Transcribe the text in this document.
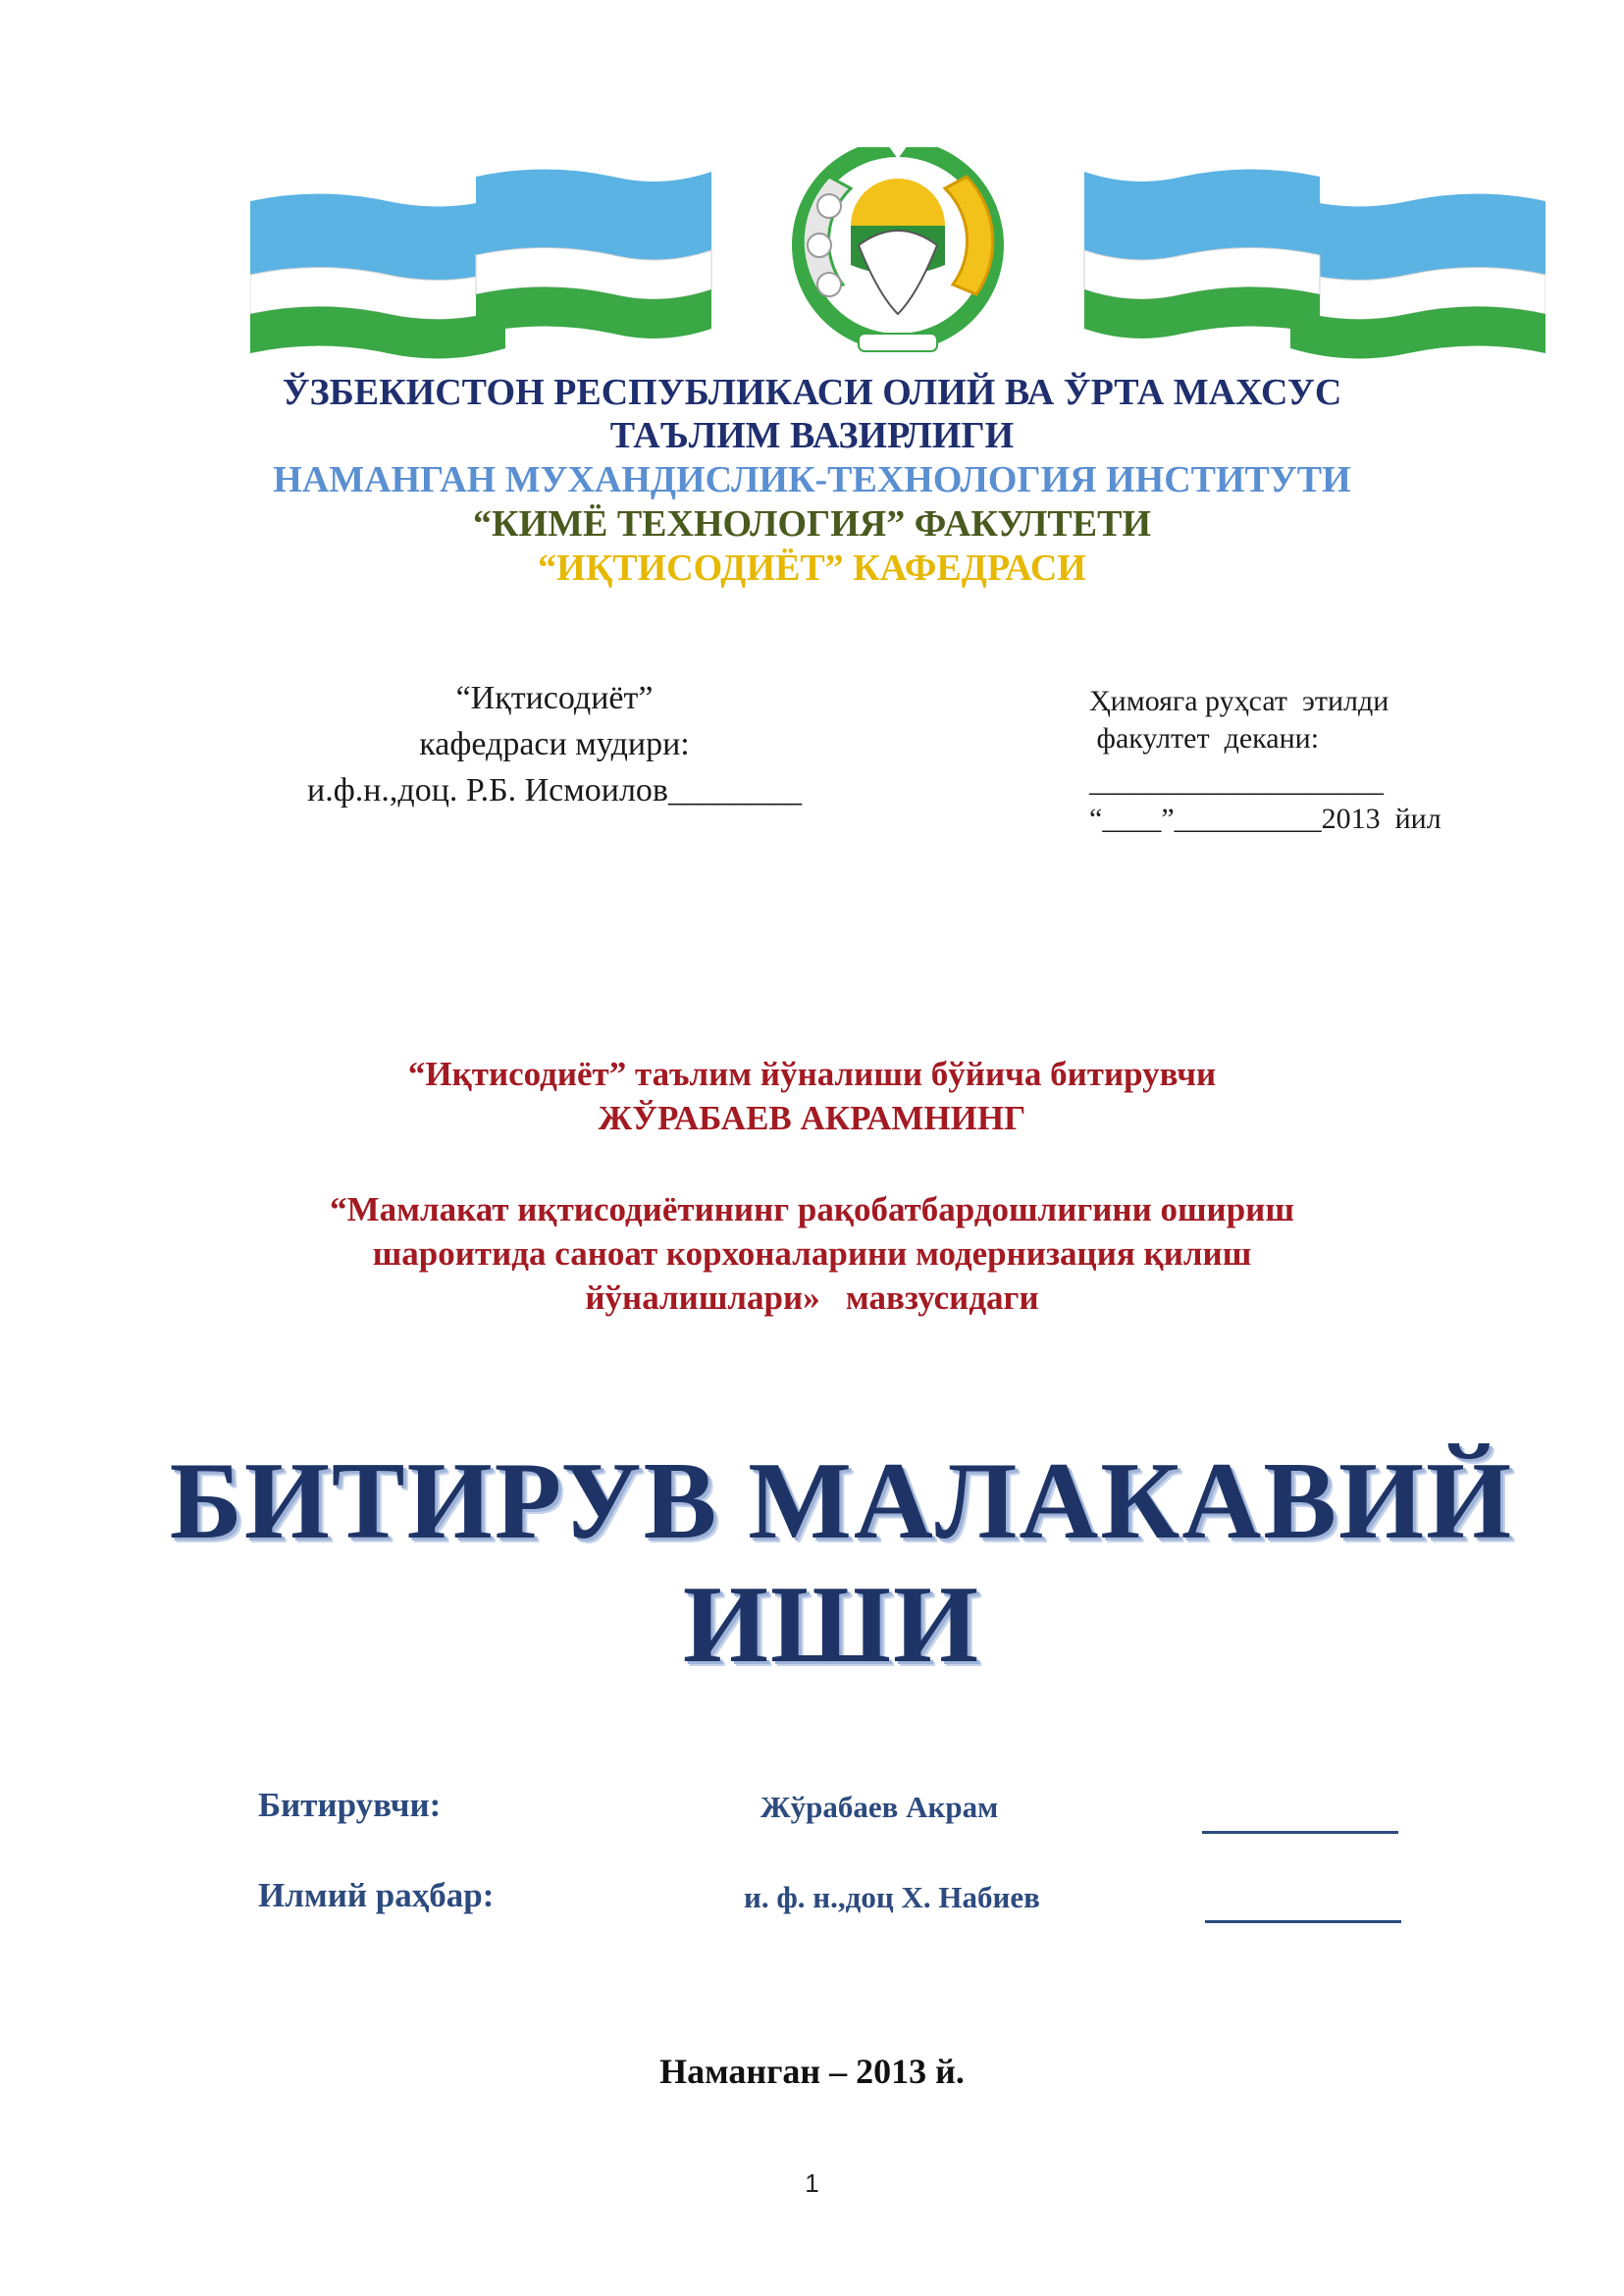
ЎЗБЕКИСТОН РЕСПУБЛИКАСИ ОЛИЙ ВА ЎРТА МАХСУС
ТАЪЛИМ ВАЗИРЛИГИ
НАМАНГАН МУХАНДИСЛИК-ТЕХНОЛОГИЯ ИНСТИТУТИ
“КИМЁ ТЕХНОЛОГИЯ” ФАКУЛТЕТИ
“ИҚТИСОДИЁТ” КАФЕДРАСИ
“Иқтисодиёт”
кафедраси мудири:
и.ф.н.,доц. Р.Б. Исмоилов________
Ҳимояга руҳсат  этилди
факултет  декани:
____________________
“____”__________2013  йил
“Иқтисодиёт” таълим йўналиши бўйича битирувчи
ЖЎРАБАЕВ АКРАМНИНГ
“Мамлакат иқтисодиётининг рақобатбардошлигини ошириш
шароитида саноат корхоналарини модернизация қилиш
йўналишлари»   мавзусидаги
БИТИРУВ МАЛАКАВИЙ
ИШИ
Битирувчи:	Жўрабаев Акрам
Илмий раҳбар:	и. ф. н.,доц Х. Набиев
Наманган – 2013 й.
1
